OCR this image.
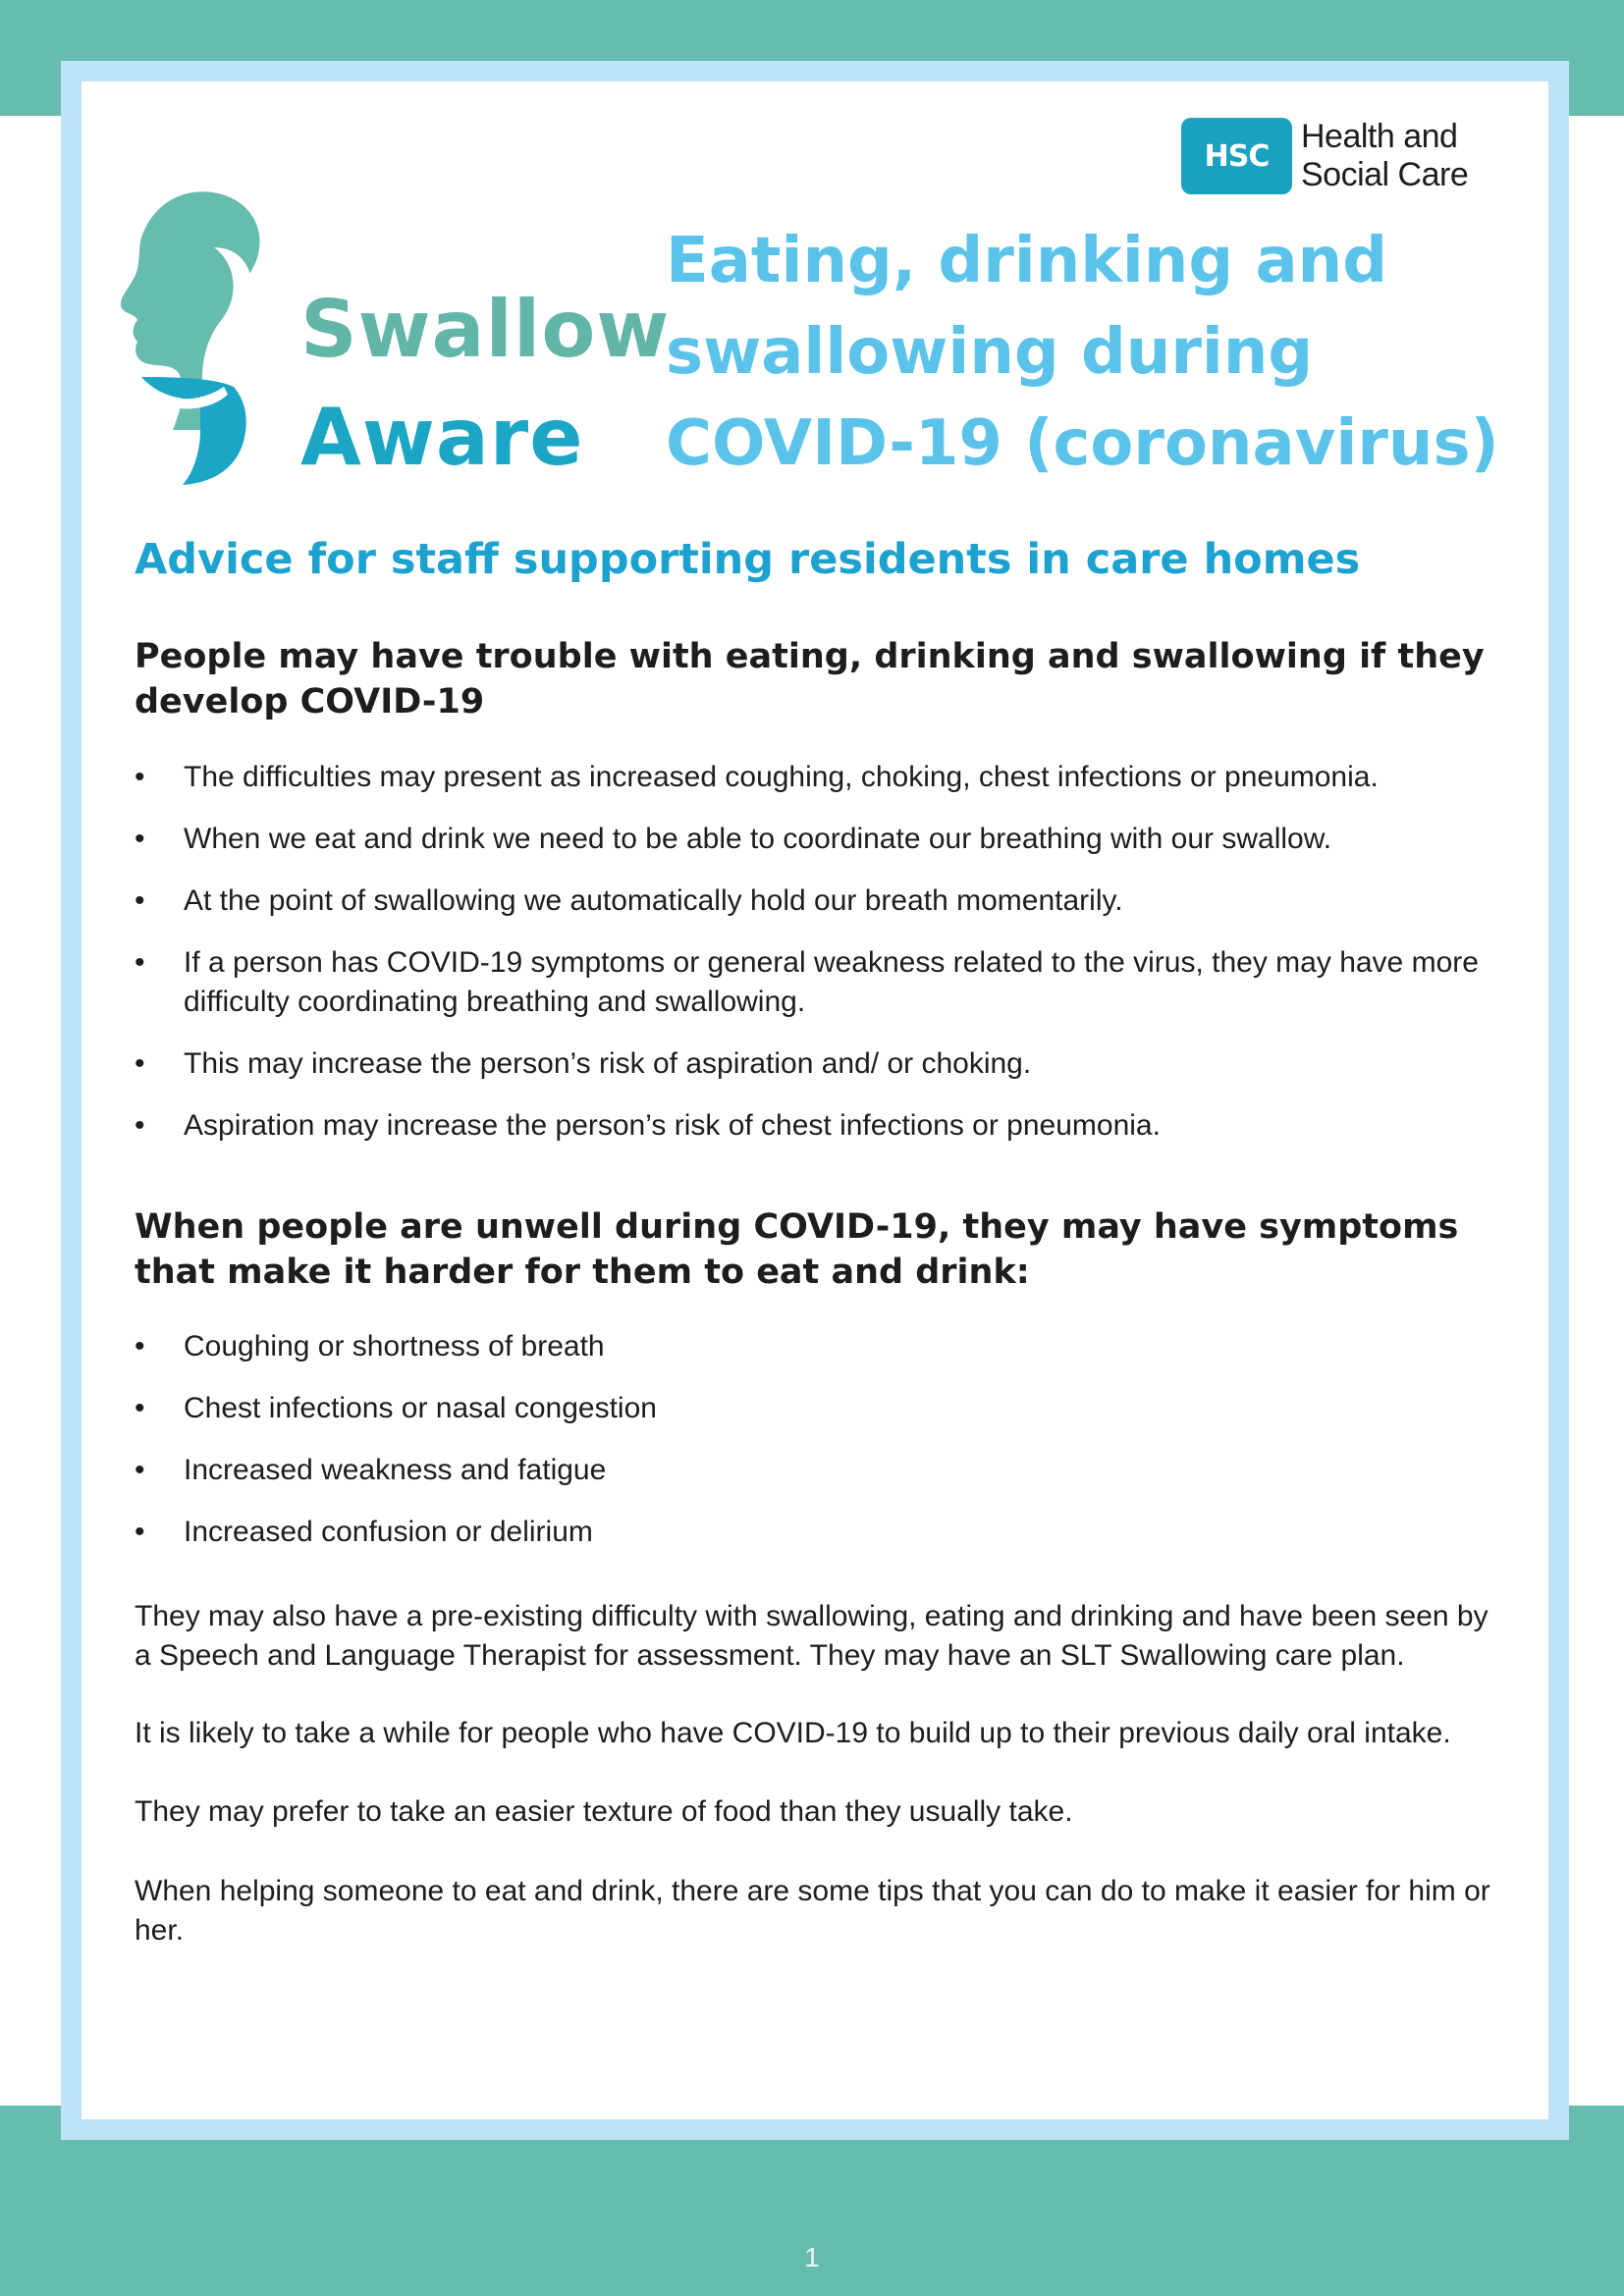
HSC
Health and
Social Care
Swallow
Aware
Eating, drinking and swallowing during COVID-19 (coronavirus)
Advice for staff supporting residents in care homes
People may have trouble with eating, drinking and swallowing if they develop COVID-19
• The difficulties may present as increased coughing, choking, chest infections or pneumonia.
• When we eat and drink we need to be able to coordinate our breathing with our swallow.
• At the point of swallowing we automatically hold our breath momentarily.
• If a person has COVID-19 symptoms or general weakness related to the virus, they may have more difficulty coordinating breathing and swallowing.
• This may increase the person’s risk of aspiration and/ or choking.
• Aspiration may increase the person’s risk of chest infections or pneumonia.
When people are unwell during COVID-19, they may have symptoms that make it harder for them to eat and drink:
• Coughing or shortness of breath
• Chest infections or nasal congestion
• Increased weakness and fatigue
• Increased confusion or delirium

They may also have a pre-existing difficulty with swallowing, eating and drinking and have been seen by a Speech and Language Therapist for assessment. They may have an SLT Swallowing care plan.

It is likely to take a while for people who have COVID-19 to build up to their previous daily oral intake.

They may prefer to take an easier texture of food than they usually take.

When helping someone to eat and drink, there are some tips that you can do to make it easier for him or her.

1
